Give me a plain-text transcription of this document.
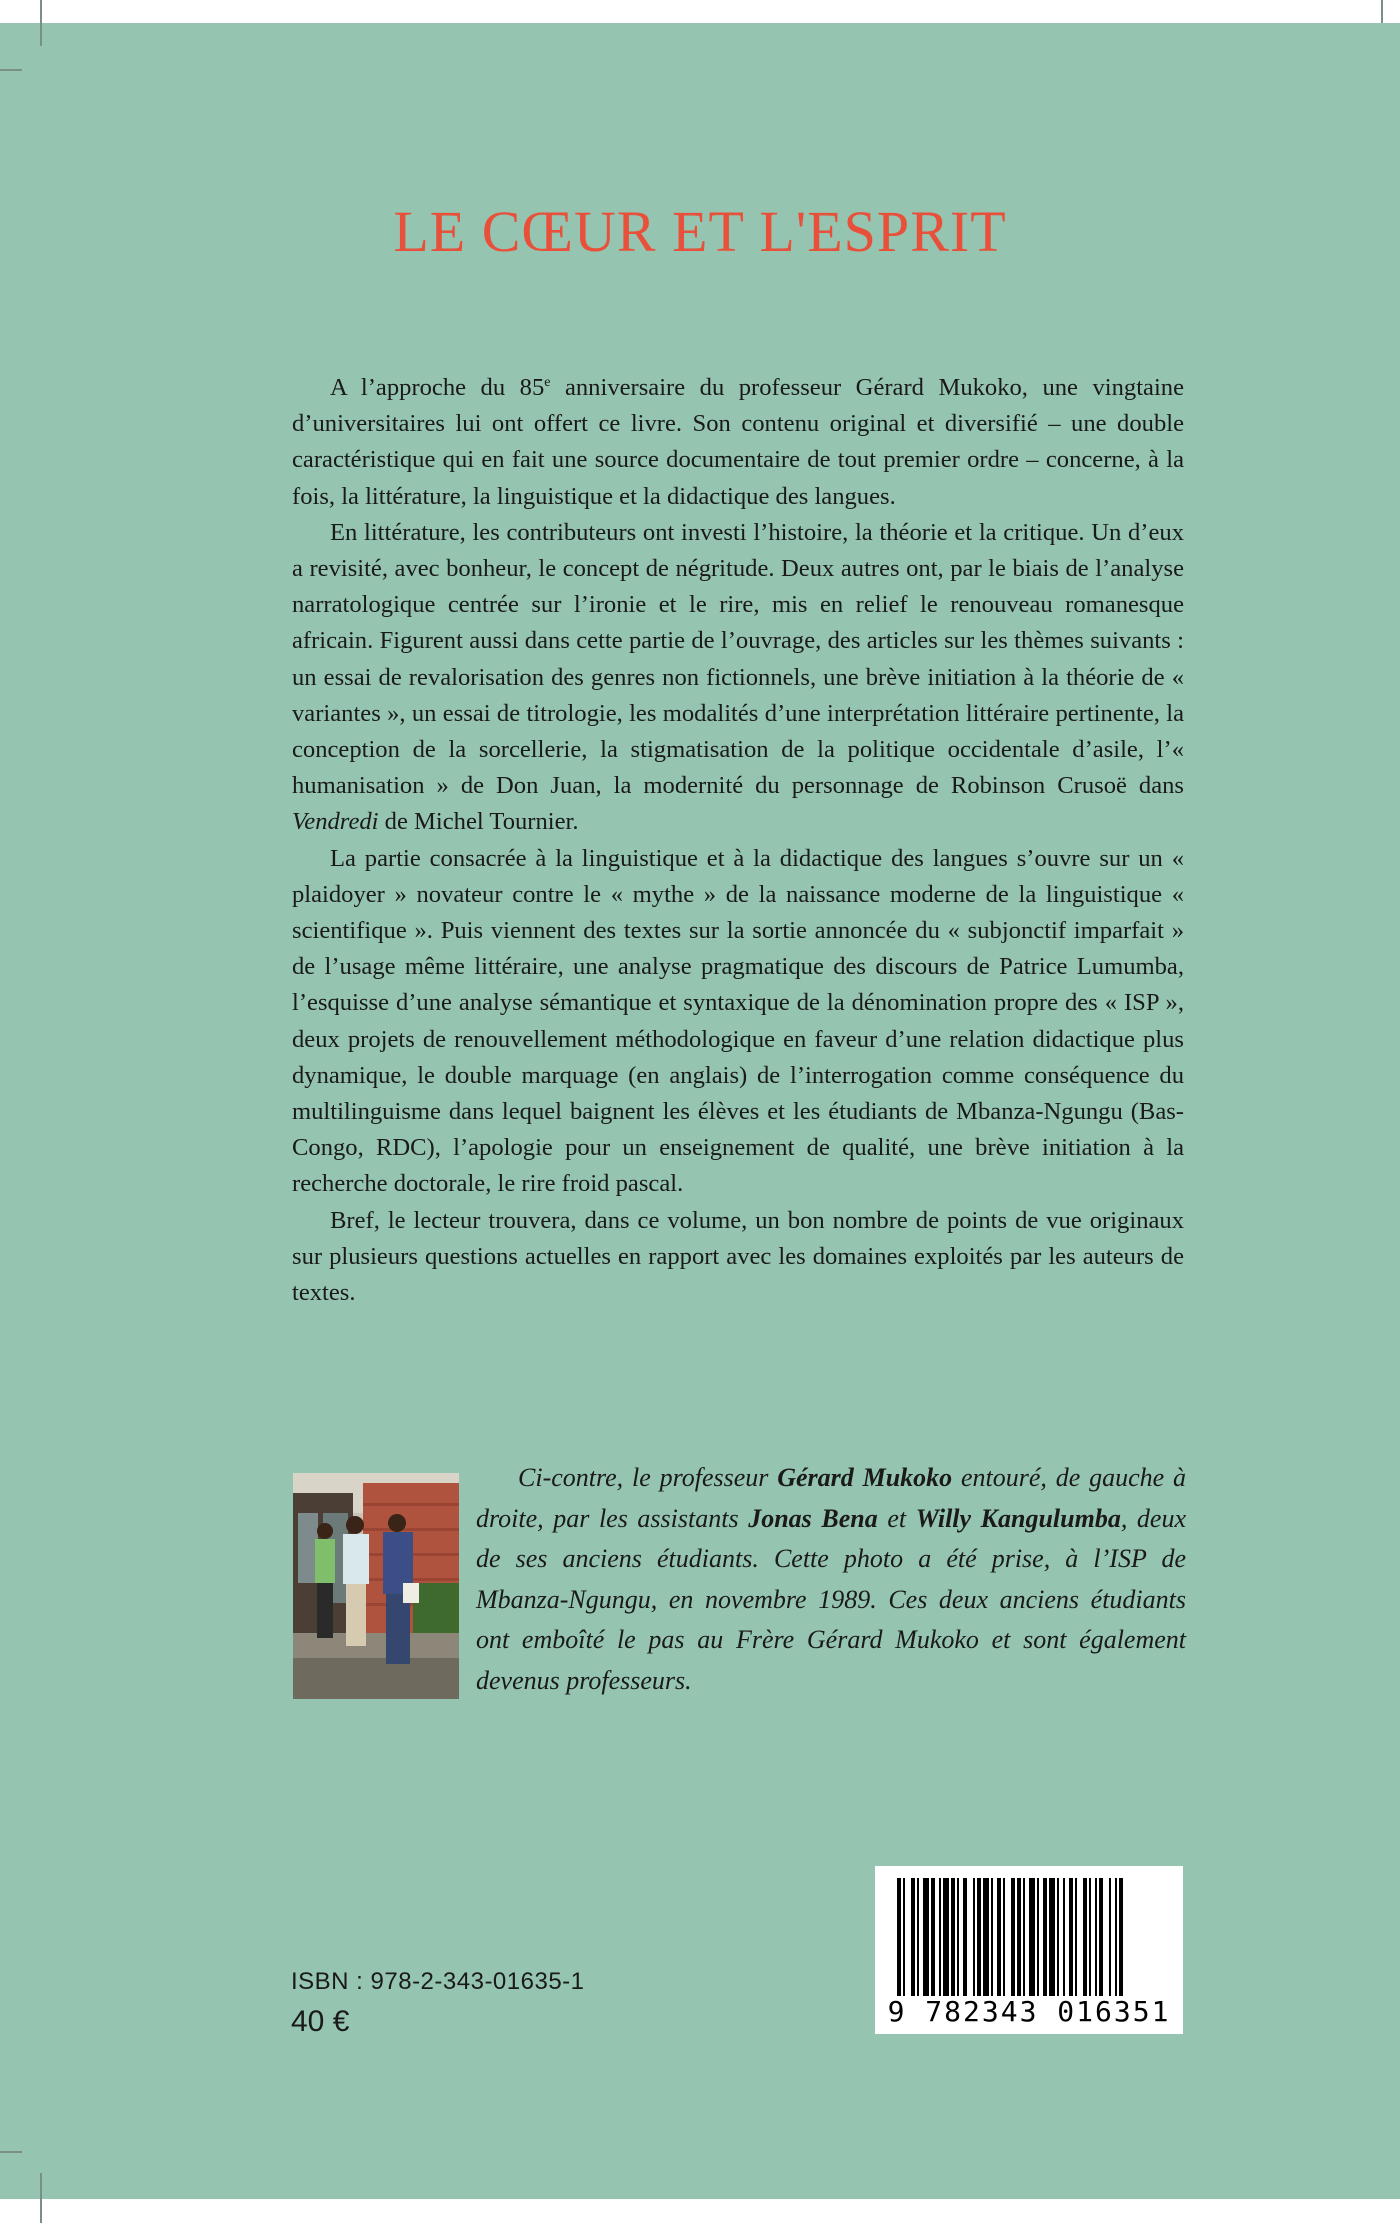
LE CŒUR ET L'ESPRIT

A l’approche du 85e anniversaire du professeur Gérard Mukoko, une vingtaine d’universitaires lui ont offert ce livre. Son contenu original et diversifié – une double caractéristique qui en fait une source documentaire de tout premier ordre – concerne, à la fois, la littérature, la linguistique et la didactique des langues.

En littérature, les contributeurs ont investi l’histoire, la théorie et la critique. Un d’eux a revisité, avec bonheur, le concept de négritude. Deux autres ont, par le biais de l’analyse narratologique centrée sur l’ironie et le rire, mis en relief le renouveau romanesque africain. Figurent aussi dans cette partie de l’ouvrage, des articles sur les thèmes suivants : un essai de revalorisation des genres non fictionnels, une brève initiation à la théorie de « variantes », un essai de titrologie, les modalités d’une interprétation littéraire pertinente, la conception de la sorcellerie, la stigmatisation de la politique occidentale d’asile, l’« humanisation » de Don Juan, la modernité du personnage de Robinson Crusoë dans Vendredi de Michel Tournier.

La partie consacrée à la linguistique et à la didactique des langues s’ouvre sur un « plaidoyer » novateur contre le « mythe » de la naissance moderne de la linguistique « scientifique ». Puis viennent des textes sur la sortie annoncée du « subjonctif imparfait » de l’usage même littéraire, une analyse pragmatique des discours de Patrice Lumumba, l’esquisse d’une analyse sémantique et syntaxique de la dénomination propre des « ISP », deux projets de renouvellement méthodologique en faveur d’une relation didactique plus dynamique, le double marquage (en anglais) de l’interrogation comme conséquence du multilinguisme dans lequel baignent les élèves et les étudiants de Mbanza-Ngungu (Bas-Congo, RDC), l’apologie pour un enseignement de qualité, une brève initiation à la recherche doctorale, le rire froid pascal.

Bref, le lecteur trouvera, dans ce volume, un bon nombre de points de vue originaux sur plusieurs questions actuelles en rapport avec les domaines exploités par les auteurs de textes.

Ci-contre, le professeur Gérard Mukoko entouré, de gauche à droite, par les assistants Jonas Bena et Willy Kangulumba, deux de ses anciens étudiants. Cette photo a été prise, à l’ISP de Mbanza-Ngungu, en novembre 1989. Ces deux anciens étudiants ont emboîté le pas au Frère Gérard Mukoko et sont également devenus professeurs.

ISBN : 978-2-343-01635-1
40 €	9 782343 016351
